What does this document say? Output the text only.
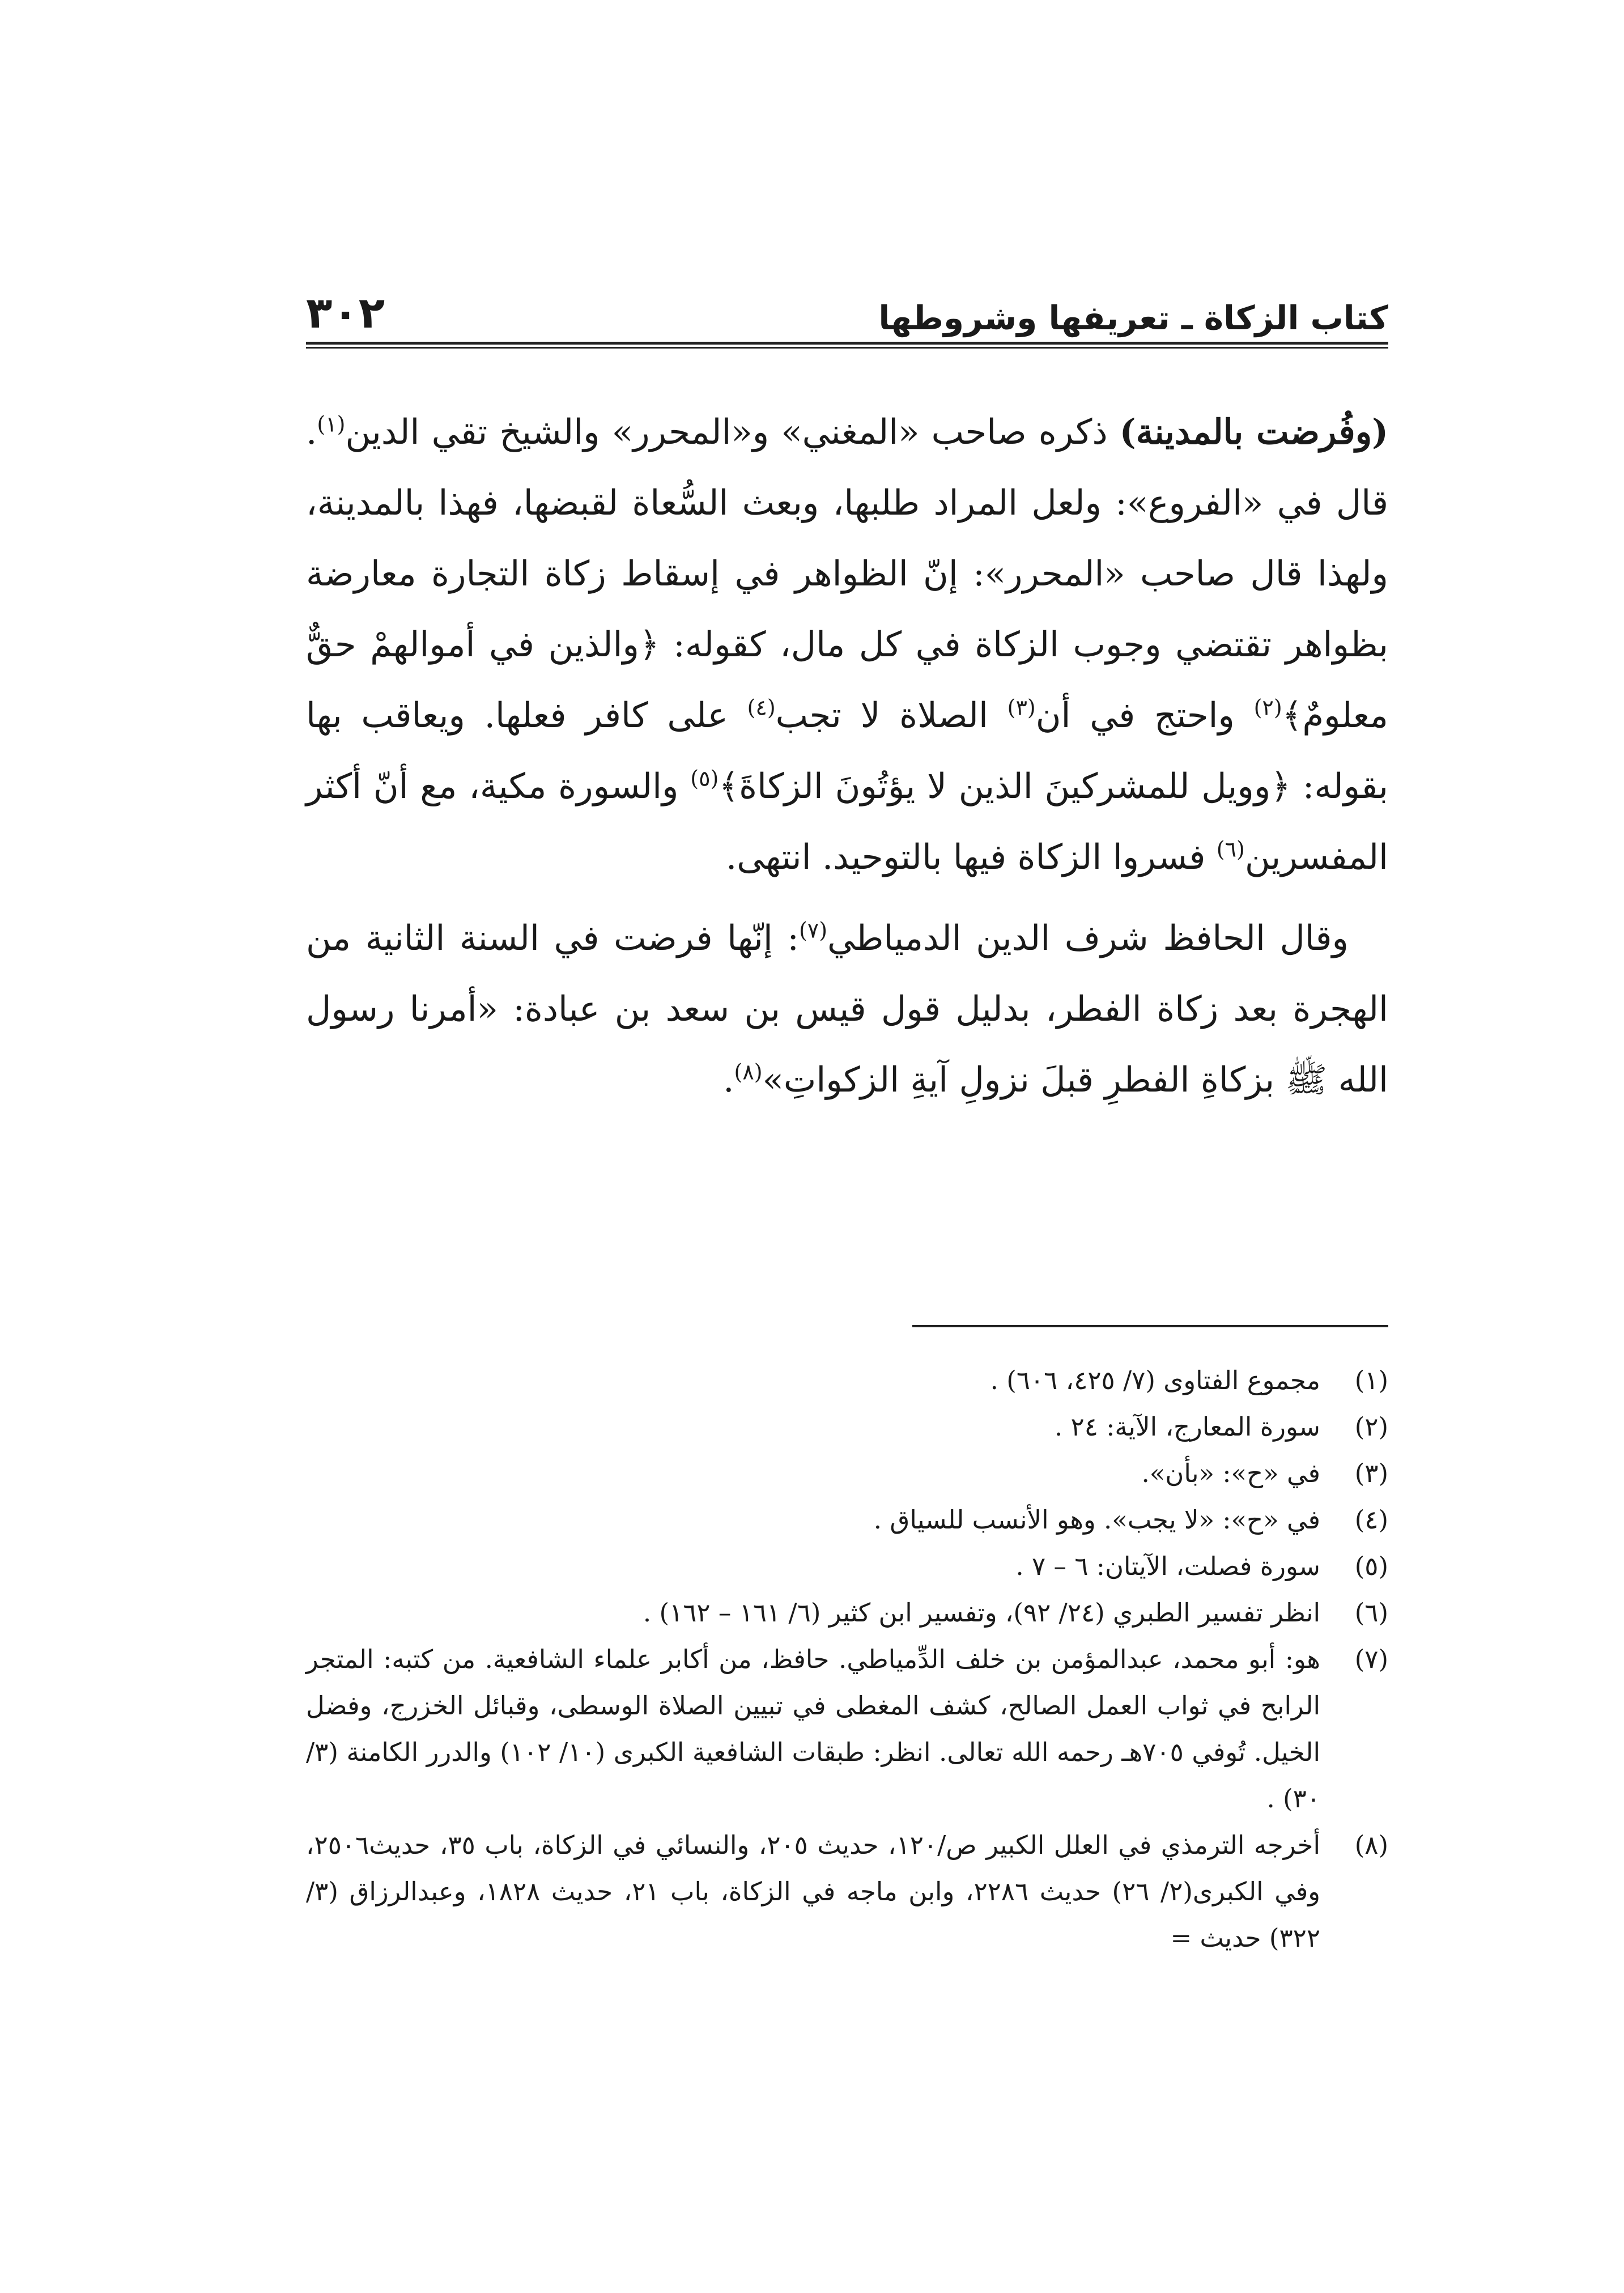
كتاب الزكاة ـ تعريفها وشروطها
٣٠٢

(وفُرضت بالمدينة) ذكره صاحب «المغني» و«المحرر» والشيخ تقي الدين$^{(١)}$. قال في «الفروع»: ولعل المراد طلبها، وبعث السُّعاة لقبضها، فهذا بالمدينة، ولهذا قال صاحب «المحرر»: إنّ الظواهر في إسقاط زكاة التجارة معارضة بظواهر تقتضي وجوب الزكاة في كل مال، كقوله: ﴿والذين في أموالهمْ حقٌّ معلومٌ﴾$^{(٢)}$ واحتج في أن$^{(٣)}$ الصلاة لا تجب$^{(٤)}$ على كافر فعلها. ويعاقب بها بقوله: ﴿وويل للمشركينَ الذين لا يؤتُونَ الزكاةَ﴾$^{(٥)}$ والسورة مكية، مع أنّ أكثر المفسرين$^{(٦)}$ فسروا الزكاة فيها بالتوحيد. انتهى.

وقال الحافظ شرف الدين الدمياطي$^{(٧)}$: إنّها فرضت في السنة الثانية من الهجرة بعد زكاة الفطر، بدليل قول قيس بن سعد بن عبادة: «أمرنا رسول الله ﷺ بزكاةِ الفطرِ قبلَ نزولِ آيةِ الزكواتِ»$^{(٨)}$.

(١)
مجموع الفتاوى (٧/ ٤٢٥، ٦٠٦) .
(٢)
سورة المعارج، الآية: ٢٤ .
(٣)
في «ح»: «بأن».
(٤)
في «ح»: «لا يجب». وهو الأنسب للسياق .
(٥)
سورة فصلت، الآيتان: ٦ – ٧ .
(٦)
انظر تفسير الطبري (٢٤/ ٩٢)، وتفسير ابن كثير (٦/ ١٦١ – ١٦٢) .
(٧)
هو: أبو محمد، عبدالمؤمن بن خلف الدِّمياطي. حافظ، من أكابر علماء الشافعية. من كتبه: المتجر الرابح في ثواب العمل الصالح، كشف المغطى في تبيين الصلاة الوسطى، وقبائل الخزرج، وفضل الخيل. تُوفي ٧٠٥هـ رحمه الله تعالى. انظر: طبقات الشافعية الكبرى (١٠/ ١٠٢) والدرر الكامنة (٣/ ٣٠) .
(٨)
أخرجه الترمذي في العلل الكبير ص/١٢٠، حديث ٢٠٥، والنسائي في الزكاة، باب ٣٥، حديث٢٥٠٦، وفي الكبرى(٢/ ٢٦) حديث ٢٢٨٦، وابن ماجه في الزكاة، باب ٢١، حديث ١٨٢٨، وعبدالرزاق (٣/ ٣٢٢) حديث =
